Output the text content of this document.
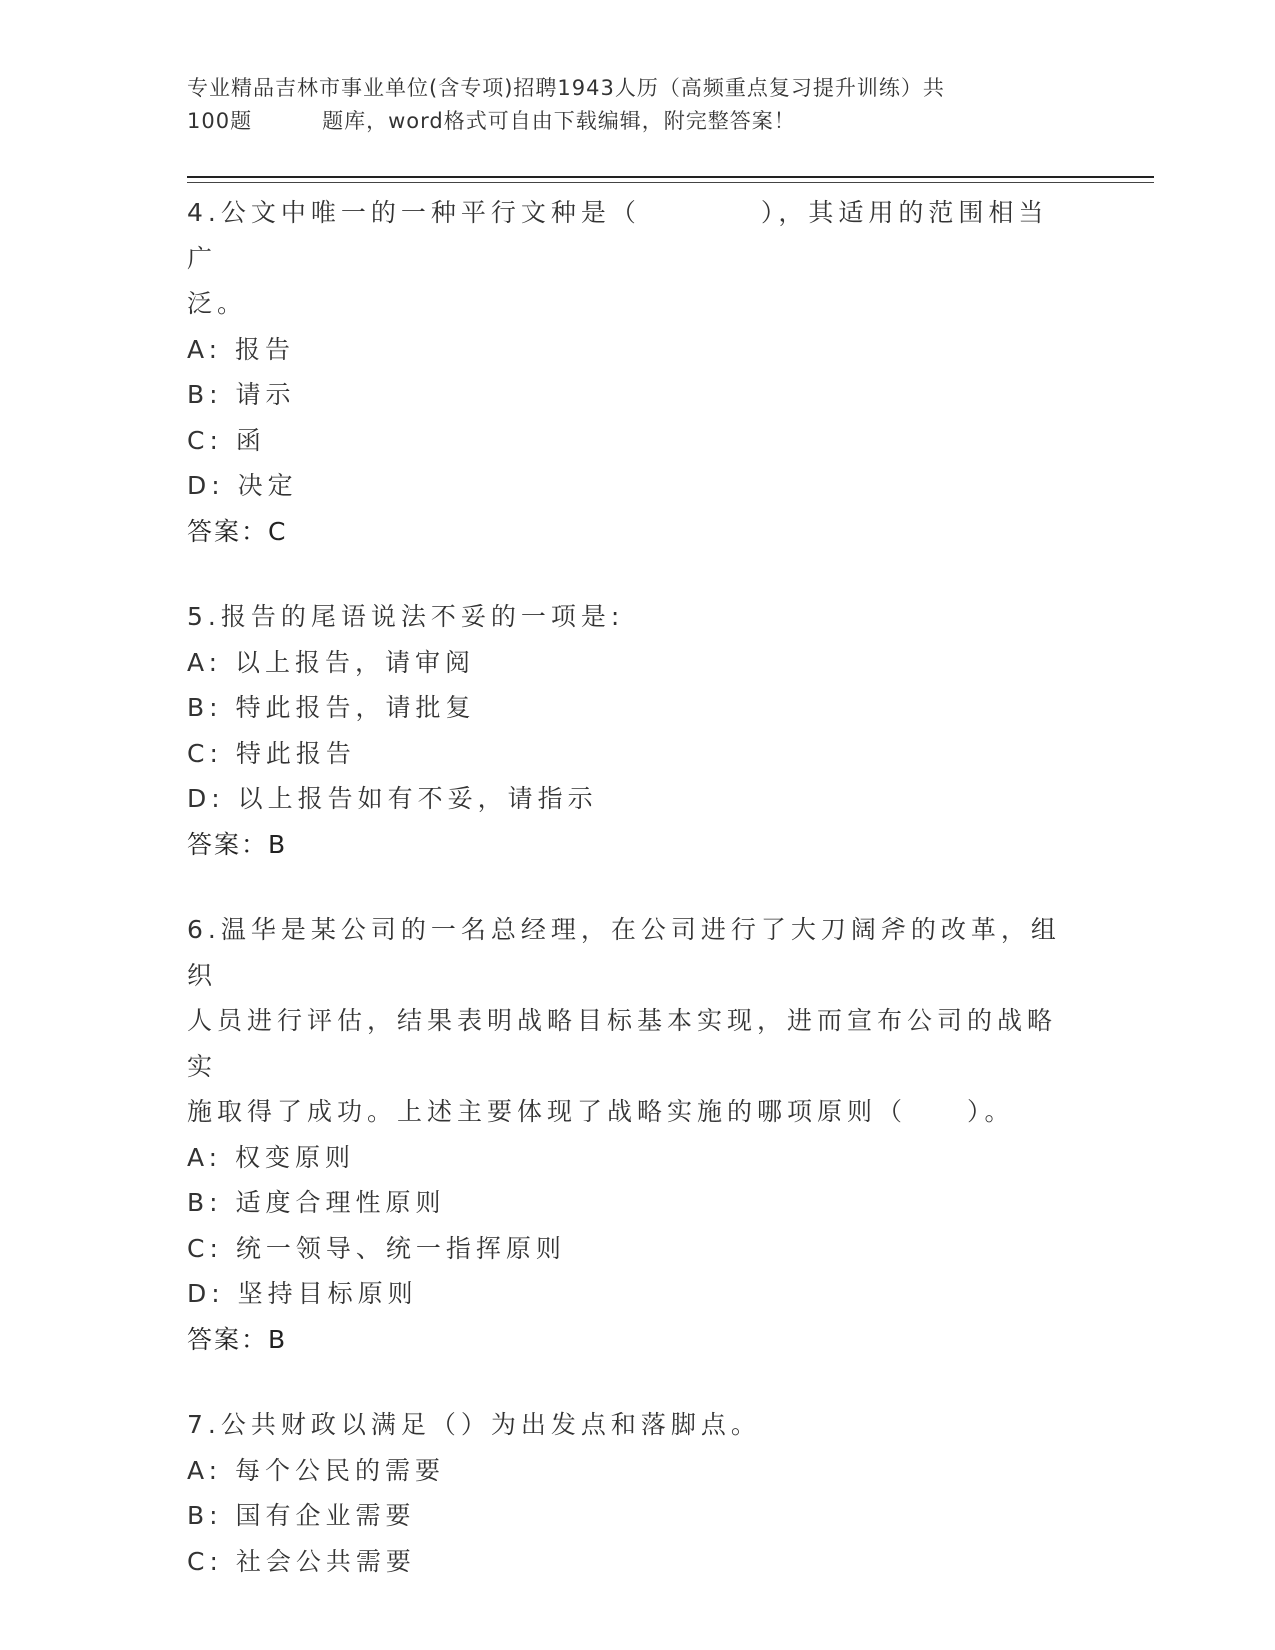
专业精品吉林市事业单位(含专项)招聘1943人历（高频重点复习提升训练）共
100题	题库，word格式可自由下载编辑，附完整答案！

4.公文中唯一的一种平行文种是（　　　　），其适用的范围相当广

泛。

A: 报告

B: 请示

C: 函

D: 决定

答案：C

5.报告的尾语说法不妥的一项是:

A: 以上报告，请审阅

B: 特此报告，请批复

C: 特此报告

D: 以上报告如有不妥，请指示

答案：B

6.温华是某公司的一名总经理，在公司进行了大刀阔斧的改革，组织

人员进行评估，结果表明战略目标基本实现，进而宣布公司的战略实

施取得了成功。上述主要体现了战略实施的哪项原则（　　）。

A: 权变原则

B: 适度合理性原则

C: 统一领导、统一指挥原则

D: 坚持目标原则

答案：B

7.公共财政以满足（）为出发点和落脚点。

A: 每个公民的需要

B: 国有企业需要

C: 社会公共需要
